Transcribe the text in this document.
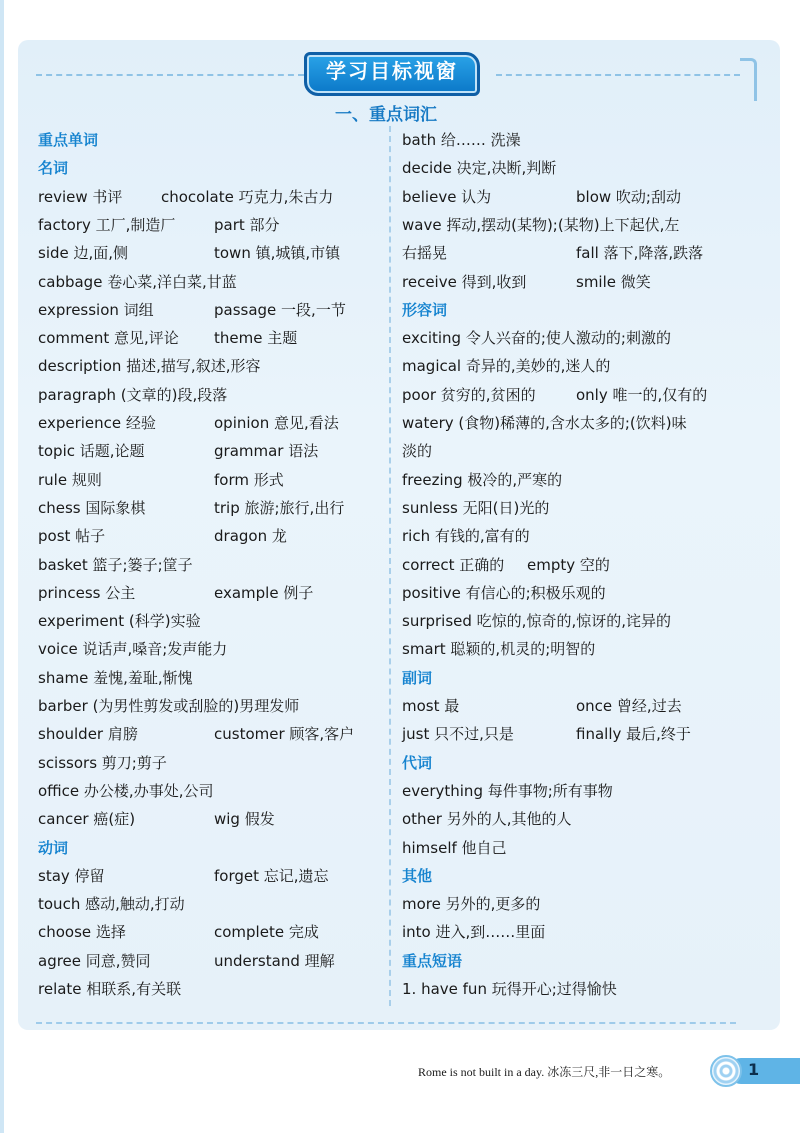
学习目标视窗
一、重点词汇
重点单词
名词
review 书评	chocolate 巧克力,朱古力
factory 工厂,制造厂	part 部分
side 边,面,侧	town 镇,城镇,市镇
cabbage 卷心菜,洋白菜,甘蓝
expression 词组	passage 一段,一节
comment 意见,评论 theme 主题
description 描述,描写,叙述,形容
paragraph (文章的)段,段落
experience 经验	opinion 意见,看法
topic 话题,论题	grammar 语法
rule 规则	form 形式
chess 国际象棋	trip 旅游;旅行,出行
post 帖子	dragon 龙
basket 篮子;篓子;筐子
princess 公主	example 例子
experiment (科学)实验
voice 说话声,嗓音;发声能力
shame 羞愧,羞耻,惭愧
barber (为男性剪发或刮脸的)男理发师
shoulder 肩膀	customer 顾客,客户
scissors 剪刀;剪子
office 办公楼,办事处,公司
cancer 癌(症)	wig 假发
动词
stay 停留	forget 忘记,遗忘
touch 感动,触动,打动
choose 选择	complete 完成
agree 同意,赞同	understand 理解
relate 相联系,有关联
bath 给…… 洗澡
decide 决定,决断,判断
believe 认为	blow 吹动;刮动
wave 挥动,摆动(某物);(某物)上下起伏,左
右摇晃	fall 落下,降落,跌落
receive 得到,收到	smile 微笑
形容词
exciting 令人兴奋的;使人激动的;刺激的
magical 奇异的,美妙的,迷人的
poor 贫穷的,贫困的	only 唯一的,仅有的
watery (食物)稀薄的,含水太多的;(饮料)味
淡的
freezing 极冷的,严寒的
sunless 无阳(日)光的
rich 有钱的,富有的
correct 正确的 empty 空的
positive 有信心的;积极乐观的
surprised 吃惊的,惊奇的,惊讶的,诧异的
smart 聪颖的,机灵的;明智的
副词
most 最	once 曾经,过去
just 只不过,只是	finally 最后,终于
代词
everything 每件事物;所有事物
other 另外的人,其他的人
himself 他自己
其他
more 另外的,更多的
into 进入,到……里面
重点短语
1. have fun 玩得开心;过得愉快
Rome is not built in a day. 冰冻三尺,非一日之寒。	1
